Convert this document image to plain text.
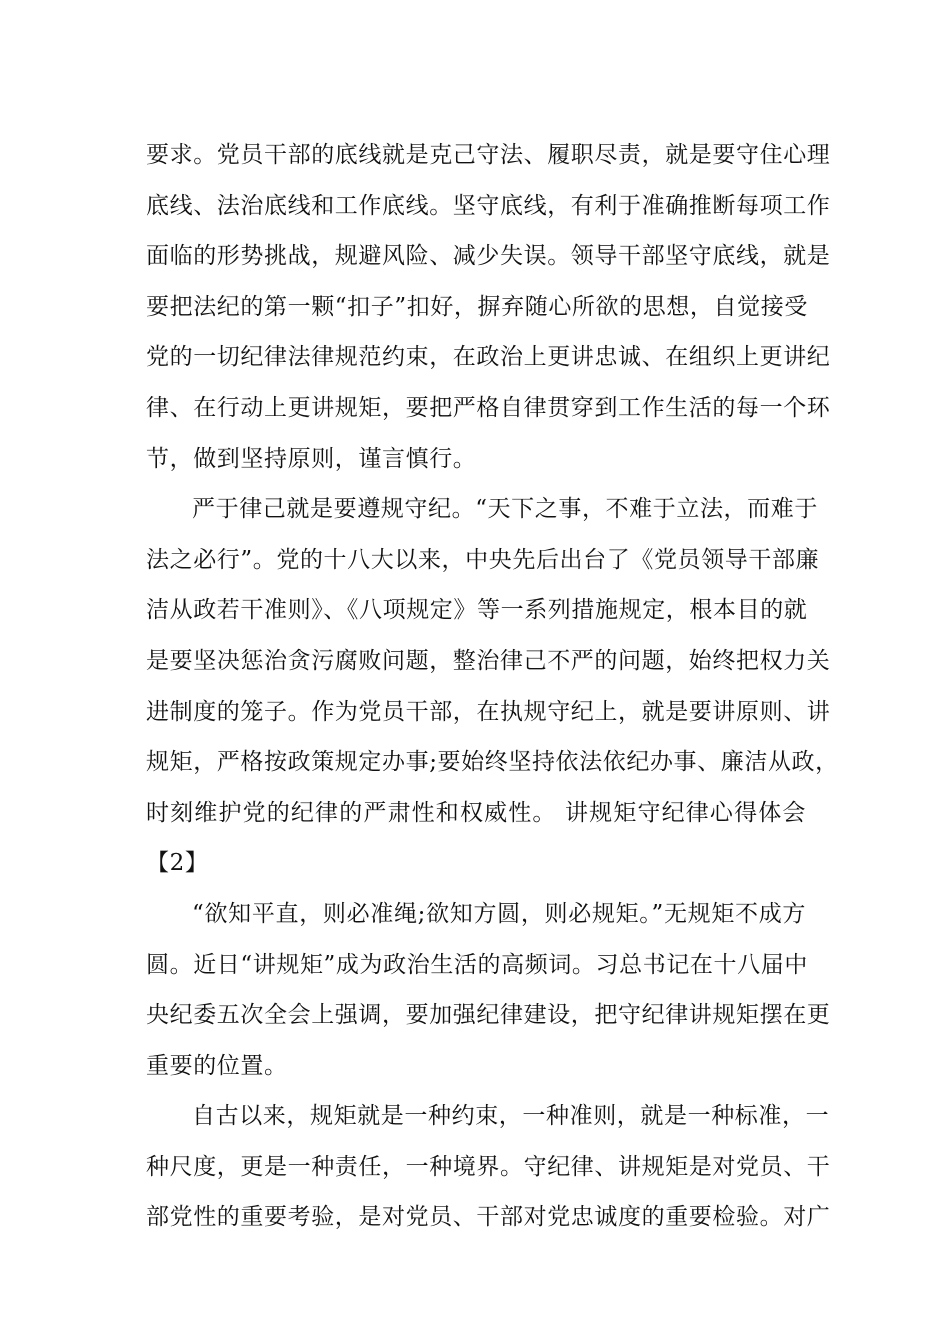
要求。党员干部的底线就是克己守法、履职尽责，就是要守住心理
底线、法治底线和工作底线。坚守底线，有利于准确推断每项工作
面临的形势挑战，规避风险、减少失误。领导干部坚守底线，就是
要把法纪的第一颗“扣子”扣好，摒弃随心所欲的思想，自觉接受
党的一切纪律法律规范约束，在政治上更讲忠诚、在组织上更讲纪
律、在行动上更讲规矩，要把严格自律贯穿到工作生活的每一个环
节，做到坚持原则，谨言慎行。
严于律己就是要遵规守纪。“天下之事，不难于立法，而难于
法之必行”。党的十八大以来，中央先后出台了《党员领导干部廉
洁从政若干准则》、《八项规定》等一系列措施规定，根本目的就
是要坚决惩治贪污腐败问题，整治律己不严的问题，始终把权力关
进制度的笼子。作为党员干部，在执规守纪上，就是要讲原则、讲
规矩，严格按政策规定办事;要始终坚持依法依纪办事、廉洁从政，
时刻维护党的纪律的严肃性和权威性。 讲规矩守纪律心得体会
【2】
“欲知平直，则必准绳;欲知方圆，则必规矩。”无规矩不成方
圆。近日“讲规矩”成为政治生活的高频词。习总书记在十八届中
央纪委五次全会上强调，要加强纪律建设，把守纪律讲规矩摆在更
重要的位置。
自古以来，规矩就是一种约束，一种准则，就是一种标准，一
种尺度，更是一种责任，一种境界。守纪律、讲规矩是对党员、干
部党性的重要考验，是对党员、干部对党忠诚度的重要检验。对广
